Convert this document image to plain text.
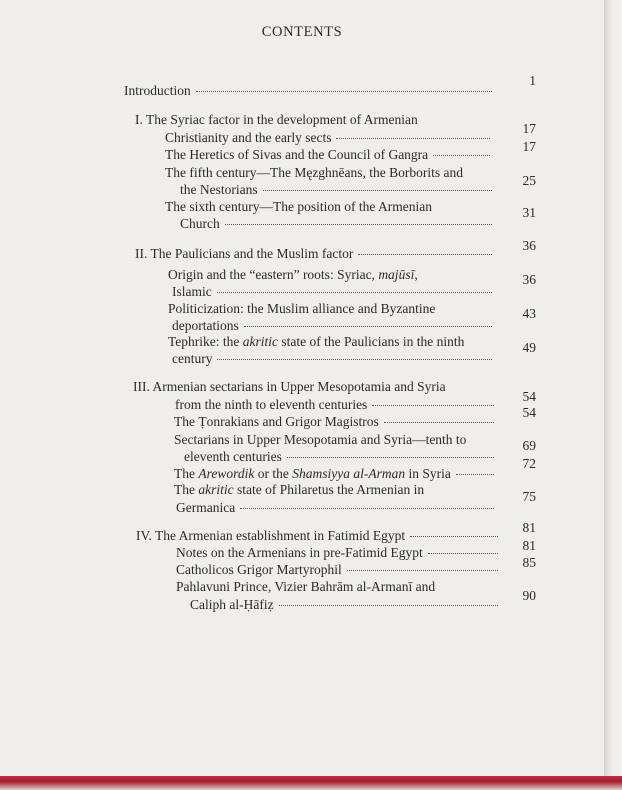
CONTENTS
Introduction
1
I. The Syriac factor in the development of Armenian
Christianity and the early sects
17
The Heretics of Sivas and the Council of Gangra
17
The fifth century—The Męzghnēans, the Borborits and
the Nestorians
25
The sixth century—The position of the Armenian
Church
31
II. The Paulicians and the Muslim factor
36
Origin and the “eastern” roots: Syriac, majūsī,
Islamic
36
Politicization: the Muslim alliance and Byzantine
deportations
43
Tephrike: the akritic state of the Paulicians in the ninth
century
49
III. Armenian sectarians in Upper Mesopotamia and Syria
from the ninth to eleventh centuries
54
The Ṭonrakians and Grigor Magistros
54
Sectarians in Upper Mesopotamia and Syria—tenth to
eleventh centuries
69
The Arewordik or the Shamsiyya al-Arman in Syria
72
The akritic state of Philaretus the Armenian in
Germanica
75
IV. The Armenian establishment in Fatimid Egypt
81
Notes on the Armenians in pre-Fatimid Egypt	81
Catholicos Grigor Martyrophil	85
Pahlavuni Prince, Vizier Bahrām al-Armanī and
Caliph al-Ḥāfiẓ
90
